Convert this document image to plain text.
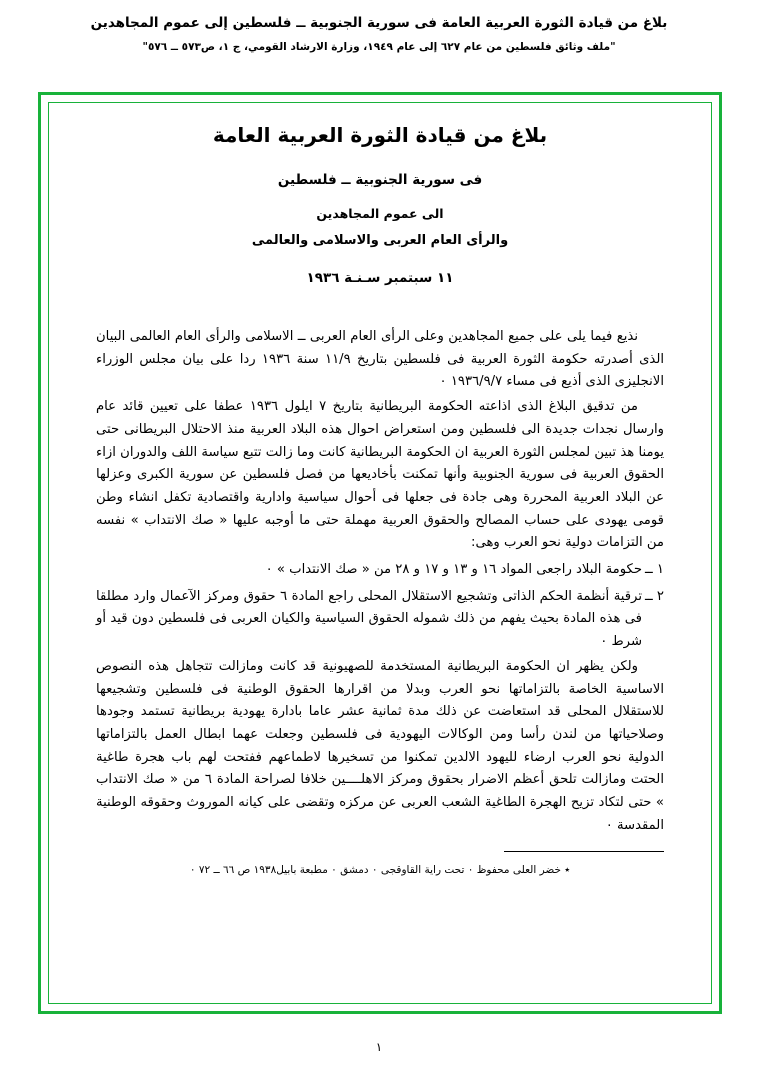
بلاغ من قيادة الثورة العربية العامة فى سورية الجنوبية ــ فلسطين إلى عموم المجاهدين
"ملف وثائق فلسطين من عام ٦٢٧ إلى عام ١٩٤٩، وزارة الارشاد القومي، ج ١، ص٥٧٣ ــ ٥٧٦"
بلاغ من قيادة الثورة العربية العامة
فى سورية الجنوبية ــ فلسطين
الى عموم المجاهدين
والرأى العام العربى والاسلامى والعالمى
١١ سبتمبر سـنـة ١٩٣٦

نذيع فيما يلى على جميع المجاهدين وعلى الرأى العام العربى ــ الاسلامى والرأى العام العالمى البيان الذى أصدرته حكومة الثورة العربية فى فلسطين بتاريخ ١١/٩ سنة ١٩٣٦ ردا على بيان مجلس الوزراء الانجليزى الذى أذيع فى مساء ١٩٣٦/٩/٧ ٠

من تدقيق البلاغ الذى اذاعته الحكومة البريطانية بتاريخ ٧ ايلول ١٩٣٦ عطفا على تعيين قائد عام وارسال نجدات جديدة الى فلسطين ومن استعراض احوال هذه البلاد العربية منذ الاحتلال البريطانى حتى يومنا هذ تبين لمجلس الثورة العربية ان الحكومة البريطانية كانت وما زالت تتبع سياسة اللف والدوران ازاء الحقوق العربية فى سورية الجنوبية وأنها تمكنت بأخاديعها من فصل فلسطين عن سورية الكبرى وعزلها عن البلاد العربية المحررة وهى جادة فى جعلها فى أحوال سياسية وادارية واقتصادية تكفل انشاء وطن قومى يهودى على حساب المصالح والحقوق العربية مهملة حتى ما أوجبه عليها « صك الانتداب » نفسه من التزامات دولية نحو العرب وهى:

١ ــ
حكومة البلاد راجعى المواد ١٦ و ١٣ و ١٧ و ٢٨ من « صك الانتداب » ٠
٢ ــ
ترقية أنظمة الحكم الذاتى وتشجيع الاستقلال المحلى راجع المادة ٦ حقوق ومركز الآعمال وارد مطلقا فى هذه المادة بحيث يفهم من ذلك شموله الحقوق السياسية والكيان العربى فى فلسطين دون قيد أو شرط ٠

ولكن يظهر ان الحكومة البريطانية المستخدمة للصهيونية قد كانت ومازالت تتجاهل هذه النصوص الاساسية الخاصة بالتزاماتها نحو العرب وبدلا من اقرارها الحقوق الوطنية فى فلسطين وتشجيعها للاستقلال المحلى قد استعاضت عن ذلك مدة ثمانية عشر عاما بادارة يهودية بريطانية تستمد وجودها وصلاحياتها من لندن رأسا ومن الوكالات اليهودية فى فلسطين وجعلت عهما ابطال العمل بالتزاماتها الدولية نحو العرب ارضاء لليهود الالدين تمكنوا من تسخيرها لاطماعهم ففتحت لهم باب هجرة طاغية الحتت ومازالت تلحق أعظم الاضرار بحقوق ومركز الاهلــــين خلافا لصراحة المادة ٦ من « صك الانتداب » حتى لتكاد تزيح الهجرة الطاغية الشعب العربى عن مركزه وتقضى على كيانه الموروث وحقوقه الوطنية المقدسة ٠

٭ خضر العلى محفوظ ٠ تحت راية القاوقجى ٠ دمشق ٠ مطبعة بابيل١٩٣٨ ص ٦٦ ــ ٧٢ ٠
١
